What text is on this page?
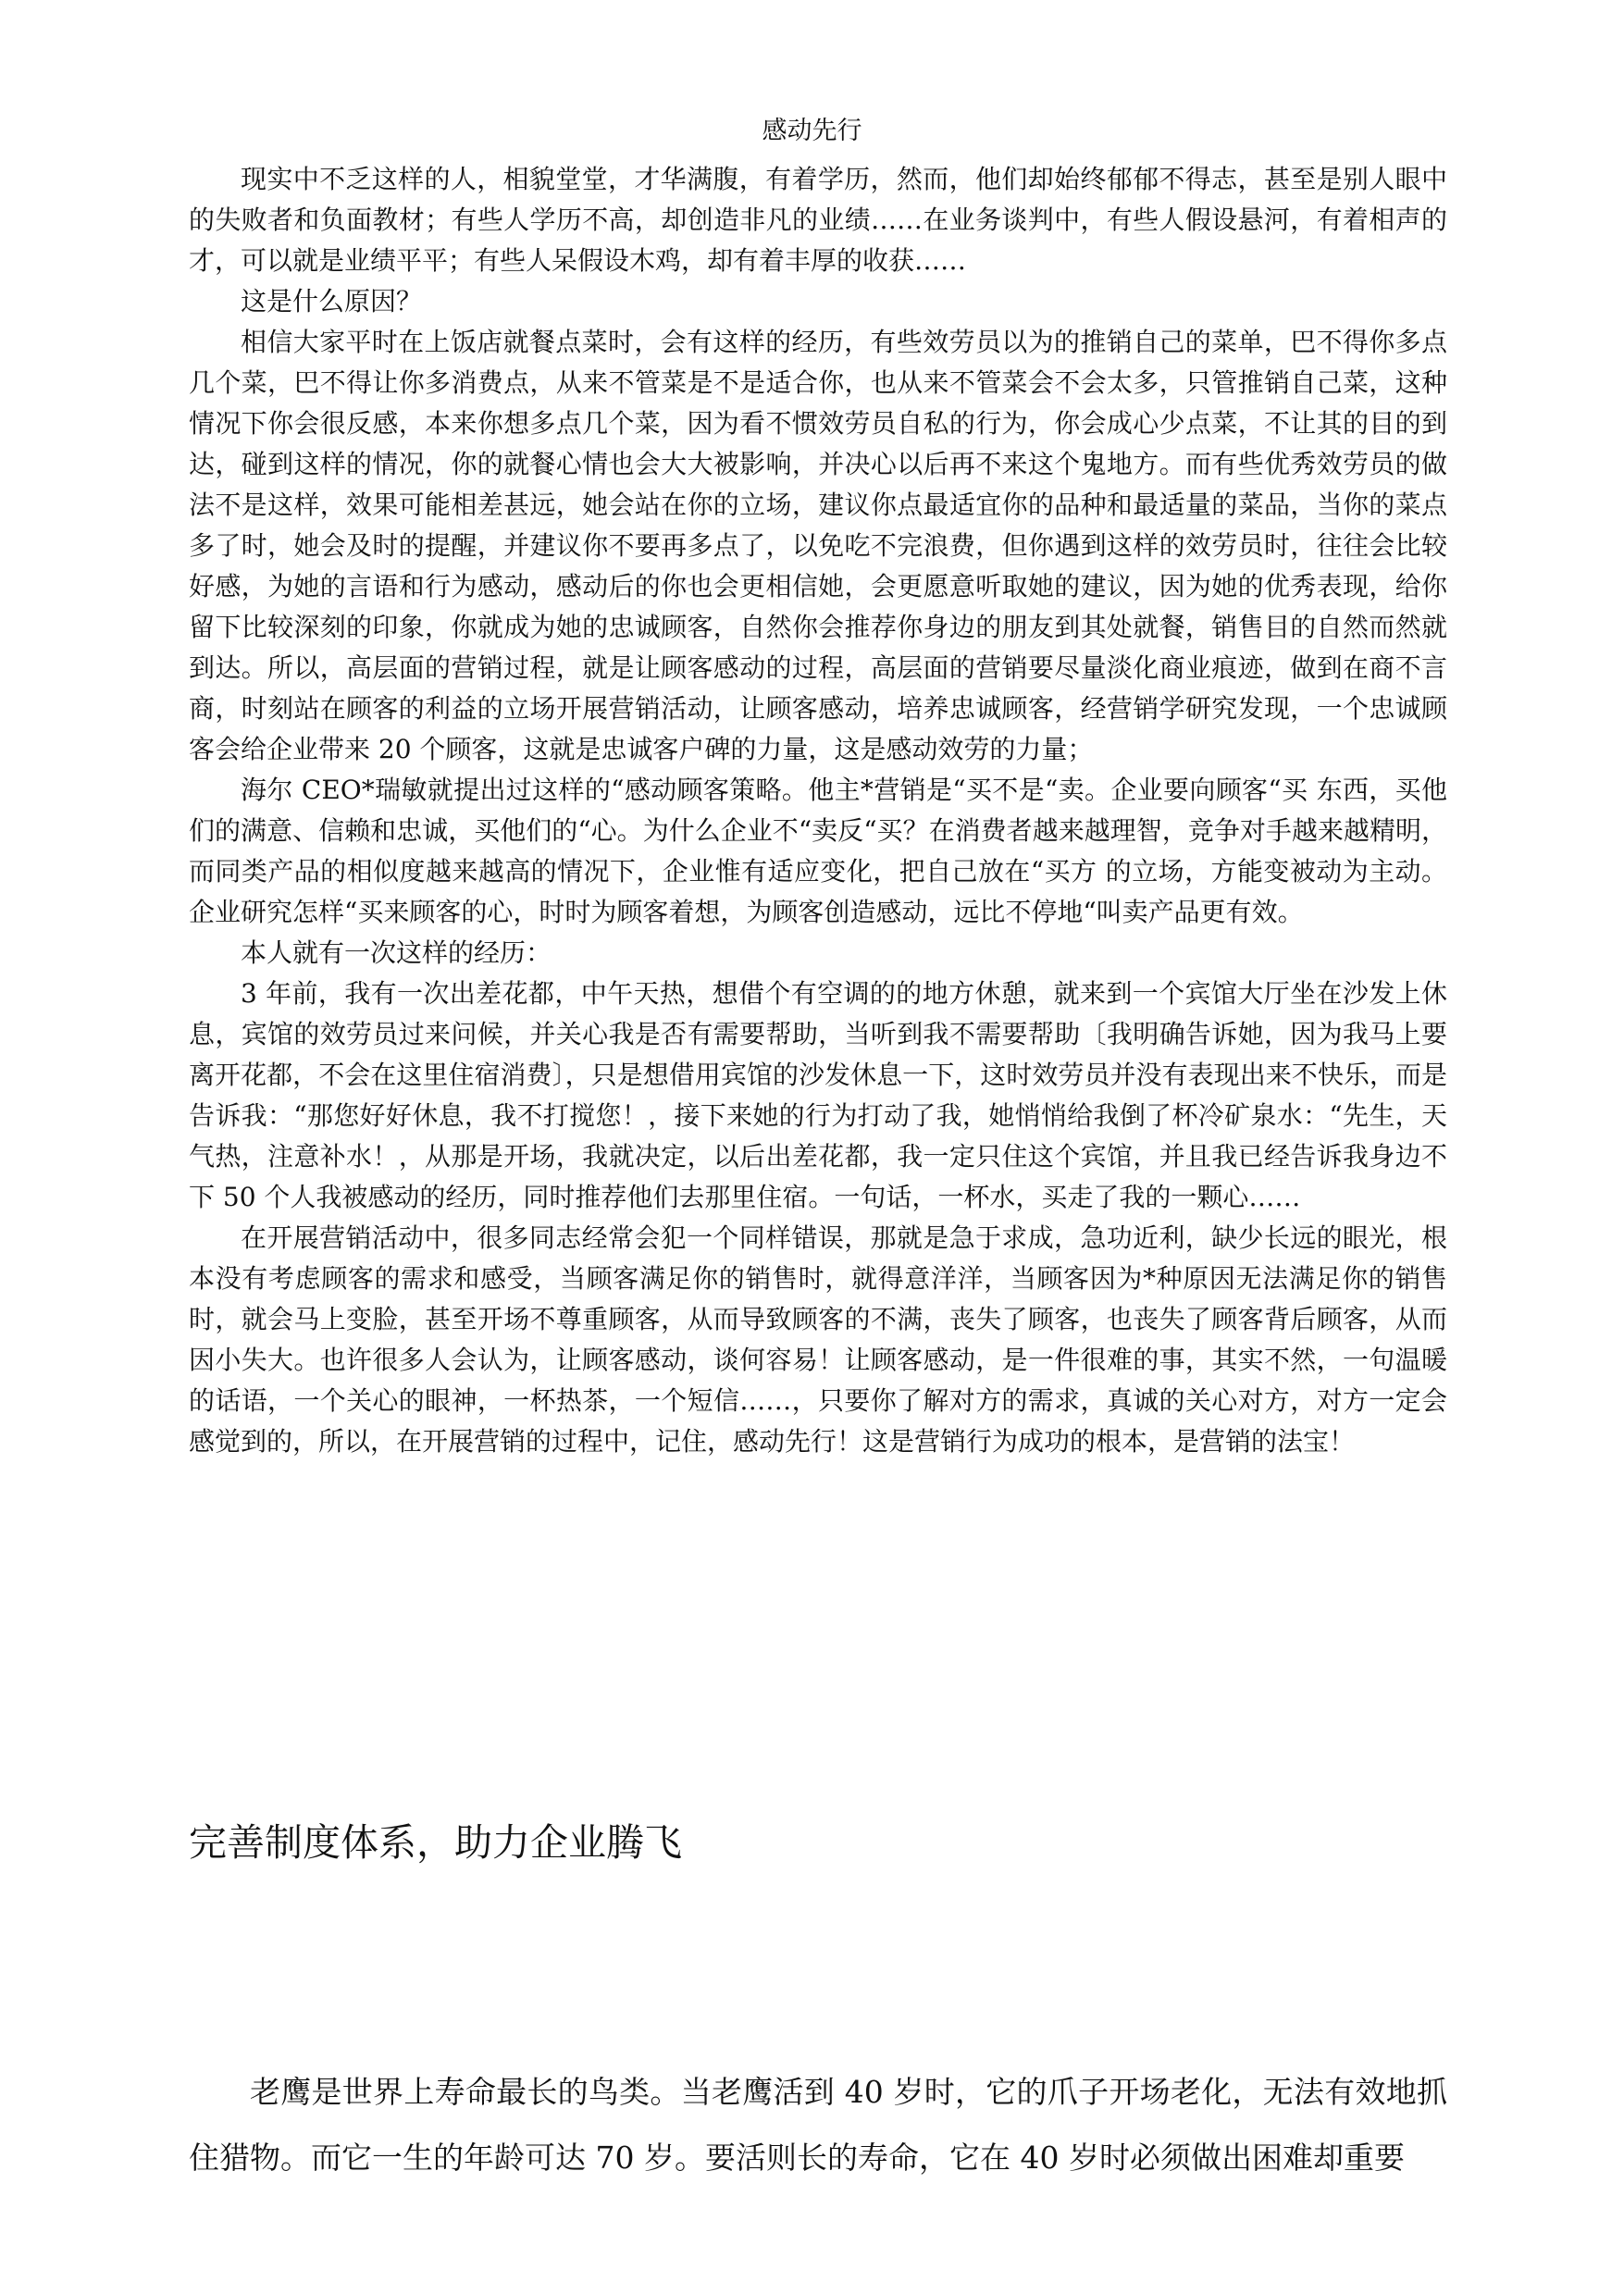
感动先行

现实中不乏这样的人，相貌堂堂，才华满腹，有着学历，然而，他们却始终郁郁不得志，甚至是别人眼中的失败者和负面教材；有些人学历不高，却创造非凡的业绩……在业务谈判中，有些人假设悬河，有着相声的才，可以就是业绩平平；有些人呆假设木鸡，却有着丰厚的收获……

这是什么原因？

相信大家平时在上饭店就餐点菜时，会有这样的经历，有些效劳员以为的推销自己的菜单，巴不得你多点几个菜，巴不得让你多消费点，从来不管菜是不是适合你，也从来不管菜会不会太多，只管推销自己菜，这种情况下你会很反感，本来你想多点几个菜，因为看不惯效劳员自私的行为，你会成心少点菜，不让其的目的到达，碰到这样的情况，你的就餐心情也会大大被影响，并决心以后再不来这个鬼地方。而有些优秀效劳员的做法不是这样，效果可能相差甚远，她会站在你的立场，建议你点最适宜你的品种和最适量的菜品，当你的菜点多了时，她会及时的提醒，并建议你不要再多点了，以免吃不完浪费，但你遇到这样的效劳员时，往往会比较好感，为她的言语和行为感动，感动后的你也会更相信她，会更愿意听取她的建议，因为她的优秀表现，给你留下比较深刻的印象，你就成为她的忠诚顾客，自然你会推荐你身边的朋友到其处就餐，销售目的自然而然就到达。所以，高层面的营销过程，就是让顾客感动的过程，高层面的营销要尽量淡化商业痕迹，做到在商不言商，时刻站在顾客的利益的立场开展营销活动，让顾客感动，培养忠诚顾客，经营销学研究发现，一个忠诚顾客会给企业带来 20 个顾客，这就是忠诚客户碑的力量，这是感动效劳的力量；

海尔 CEO*瑞敏就提出过这样的“感动顾客策略。他主*营销是“买不是“卖。企业要向顾客“买 东西，买他们的满意、信赖和忠诚，买他们的“心。为什么企业不“卖反“买？在消费者越来越理智，竞争对手越来越精明，而同类产品的相似度越来越高的情况下，企业惟有适应变化，把自己放在“买方 的立场，方能变被动为主动。企业研究怎样“买来顾客的心，时时为顾客着想，为顾客创造感动，远比不停地“叫卖产品更有效。

本人就有一次这样的经历：

3 年前，我有一次出差花都，中午天热，想借个有空调的的地方休憩，就来到一个宾馆大厅坐在沙发上休息，宾馆的效劳员过来问候，并关心我是否有需要帮助，当听到我不需要帮助〔我明确告诉她，因为我马上要离开花都，不会在这里住宿消费〕，只是想借用宾馆的沙发休息一下，这时效劳员并没有表现出来不快乐，而是告诉我：“那您好好休息，我不打搅您！，接下来她的行为打动了我，她悄悄给我倒了杯冷矿泉水：“先生，天气热，注意补水！，从那是开场，我就决定，以后出差花都，我一定只住这个宾馆，并且我已经告诉我身边不下 50 个人我被感动的经历，同时推荐他们去那里住宿。一句话，一杯水，买走了我的一颗心……

在开展营销活动中，很多同志经常会犯一个同样错误，那就是急于求成，急功近利，缺少长远的眼光，根本没有考虑顾客的需求和感受，当顾客满足你的销售时，就得意洋洋，当顾客因为*种原因无法满足你的销售时，就会马上变脸，甚至开场不尊重顾客，从而导致顾客的不满，丧失了顾客，也丧失了顾客背后顾客，从而因小失大。也许很多人会认为，让顾客感动，谈何容易！让顾客感动，是一件很难的事，其实不然，一句温暖的话语，一个关心的眼神，一杯热茶，一个短信……，只要你了解对方的需求，真诚的关心对方，对方一定会感觉到的，所以，在开展营销的过程中，记住，感动先行！这是营销行为成功的根本，是营销的法宝！

完善制度体系，助力企业腾飞

老鹰是世界上寿命最长的鸟类。当老鹰活到 40 岁时，它的爪子开场老化，无法有效地抓住猎物。而它一生的年龄可达 70 岁。要活则长的寿命，它在 40 岁时必须做出困难却重要
